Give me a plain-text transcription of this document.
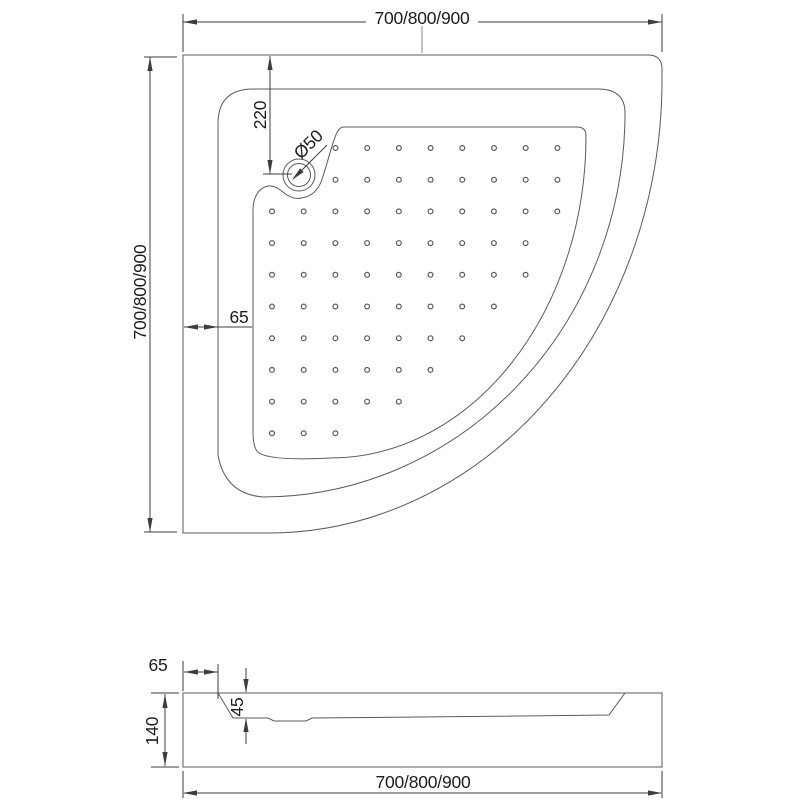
700/800/900
700/800/900
220
Ø50
65
65
45
140
700/800/900
